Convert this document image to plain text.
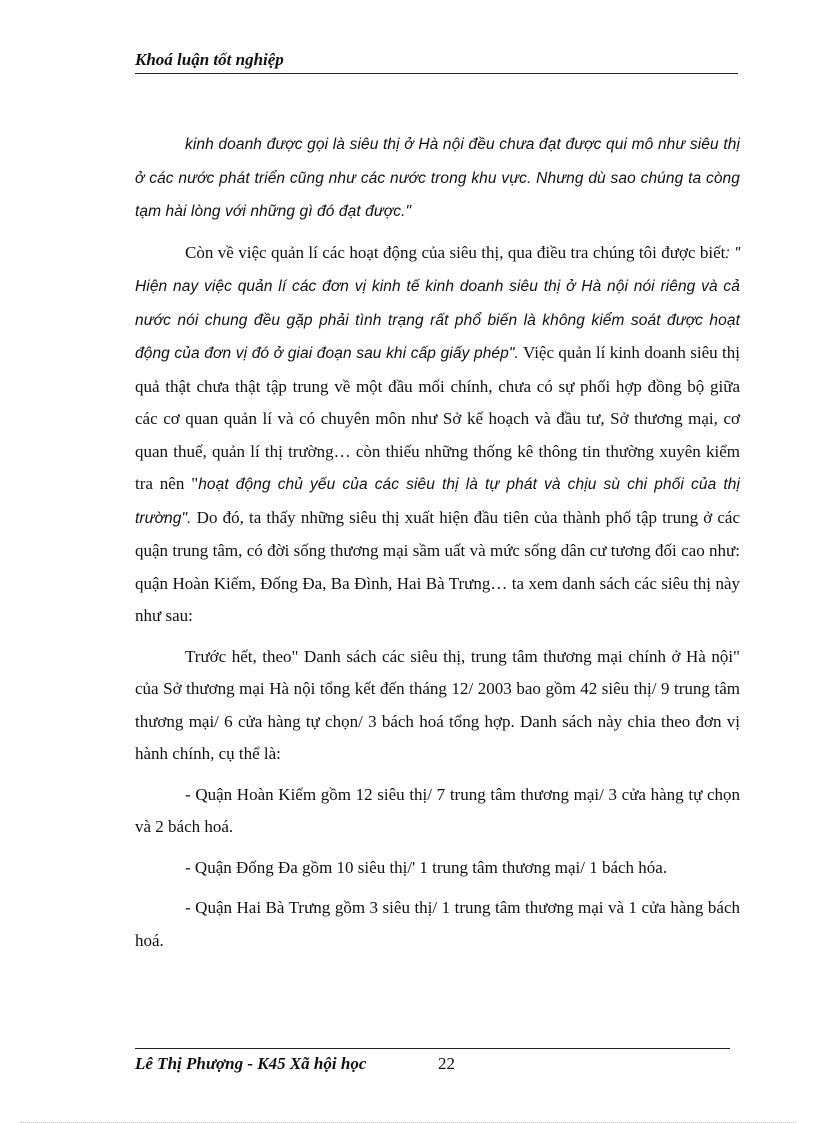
Khoá luận tốt nghiệp

kinh doanh được gọi là siêu thị ở Hà nội đều chưa đạt được qui mô như siêu thị ở các nước phát triển cũng như các nước trong khu vực. Nhưng dù sao chúng ta còng tạm hài lòng với những gì đó đạt được."

Còn về việc quản lí các hoạt động của siêu thị, qua điều tra chúng tôi được biết: " Hiện nay việc quản lí các đơn vị kinh tế kinh doanh siêu thị ở Hà nội nói riêng và cả nước nói chung đều gặp phải tình trạng rất phổ biến là không kiểm soát được hoạt động của đơn vị đó ở giai đoạn sau khi cấp giấy phép". Việc quản lí kinh doanh siêu thị quả thật chưa thật tập trung về một đầu mối chính, chưa có sự phối hợp đồng bộ giữa các cơ quan quản lí và có chuyên môn như Sở kế hoạch và đầu tư, Sở thương mại, cơ quan thuế, quản lí thị trường… còn thiếu những thống kê thông tin thường xuyên kiểm tra nên "hoạt động chủ yếu của các siêu thị là tự phát và chịu sù chi phối của thị trường". Do đó, ta thấy những siêu thị xuất hiện đầu tiên của thành phố tập trung ở các quận trung tâm, có đời sống thương mại sầm uất và mức sống dân cư tương đối cao như: quận Hoàn Kiếm, Đống Đa, Ba Đình, Hai Bà Trưng… ta xem danh sách các siêu thị này như sau:

Trước hết, theo" Danh sách các siêu thị, trung tâm thương mại chính ở Hà nội" của Sở thương mại Hà nội tổng kết đến tháng 12/ 2003 bao gồm 42 siêu thị/ 9 trung tâm thương mại/ 6 cửa hàng tự chọn/ 3 bách hoá tổng hợp. Danh sách này chia theo đơn vị hành chính, cụ thể là:

- Quận Hoàn Kiếm gồm 12 siêu thị/ 7 trung tâm thương mại/ 3 cửa hàng tự chọn và 2 bách hoá.

- Quận Đống Đa gồm 10 siêu thị/' 1 trung tâm thương mại/ 1 bách hóa.

- Quận Hai Bà Trưng gồm 3 siêu thị/ 1 trung tâm thương mại và 1 cửa hàng bách hoá.

Lê Thị Phượng - K45 Xã hội học	22
